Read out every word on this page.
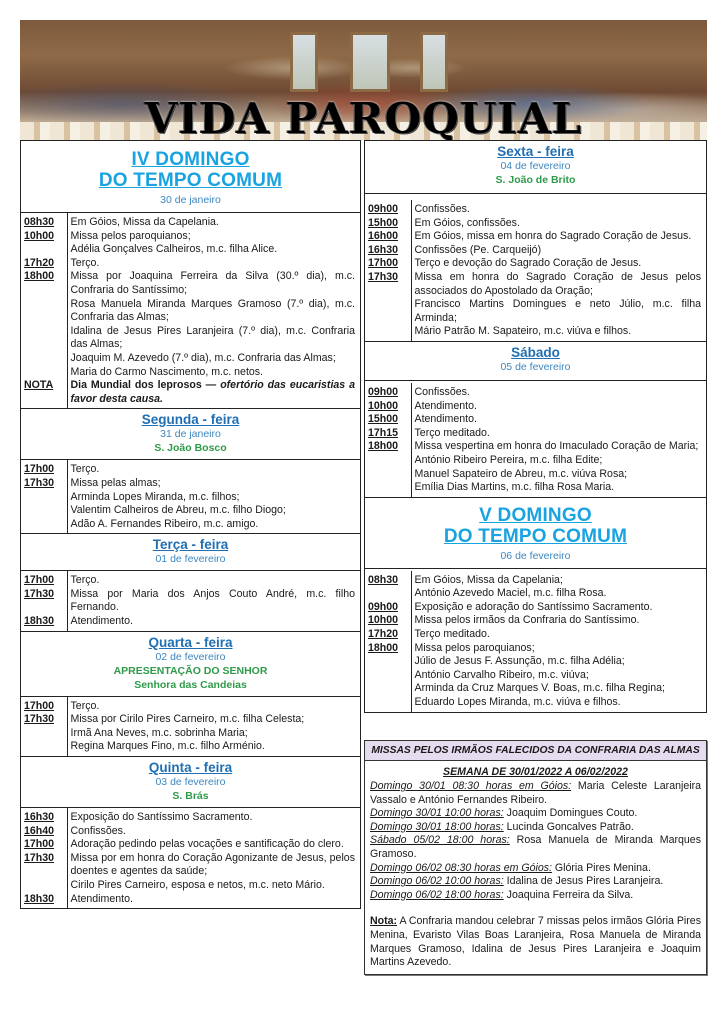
VIDA PAROQUIAL
IV DOMINGO
DO TEMPO COMUM
30 de janeiro
08h30	Em Góios, Missa da Capelania.
10h00	Missa pelos paroquianos;
	Adélia Gonçalves Calheiros, m.c. filha Alice.
17h20	Terço.
18h00	Missa por Joaquina Ferreira da Silva (30.º dia), m.c. Confraria do Santíssimo;
	Rosa Manuela Miranda Marques Gramoso (7.º dia), m.c. Confraria das Almas;
	Idalina de Jesus Pires Laranjeira (7.º dia), m.c. Confraria das Almas;
	Joaquim M. Azevedo (7.º dia), m.c. Confraria das Almas;
	Maria do Carmo Nascimento, m.c. netos.
NOTA	Dia Mundial dos leprosos — ofertório das eucaristias a favor desta causa.
Segunda - feira
31 de janeiro
S. João Bosco
17h00	Terço.
17h30	Missa pelas almas;
	Arminda Lopes Miranda, m.c. filhos;
	Valentim Calheiros de Abreu, m.c. filho Diogo;
	Adão A. Fernandes Ribeiro, m.c. amigo.
Terça - feira
01 de fevereiro
17h00	Terço.
17h30	Missa por Maria dos Anjos Couto André, m.c. filho Fernando.
18h30	Atendimento.
Quarta - feira
02 de fevereiro
APRESENTAÇÃO DO SENHOR
Senhora das Candeias
17h00	Terço.
17h30	Missa por Cirilo Pires Carneiro, m.c. filha Celesta;
	Irmã Ana Neves, m.c. sobrinha Maria;
	Regina Marques Fino, m.c. filho Arménio.
Quinta - feira
03 de fevereiro
S. Brás
16h30	Exposição do Santíssimo Sacramento.
16h40	Confissões.
17h00	Adoração pedindo pelas vocações e santificação do clero.
17h30	Missa por em honra do Coração Agonizante de Jesus, pelos doentes e agentes da saúde;
	Cirilo Pires Carneiro, esposa e netos, m.c. neto Mário.
18h30	Atendimento.
Sexta - feira
04 de fevereiro
S. João de Brito
09h00	Confissões.
15h00	Em Góios, confissões.
16h00	Em Góios, missa em honra do Sagrado Coração de Jesus.
16h30	Confissões (Pe. Carqueijó)
17h00	Terço e devoção do Sagrado Coração de Jesus.
17h30	Missa em honra do Sagrado Coração de Jesus pelos associados do Apostolado da Oração;
	Francisco Martins Domingues e neto Júlio, m.c. filha Arminda;
	Mário Patrão M. Sapateiro, m.c. viúva e filhos.
Sábado
05 de fevereiro
09h00	Confissões.
10h00	Atendimento.
15h00	Atendimento.
17h15	Terço meditado.
18h00	Missa vespertina em honra do Imaculado Coração de Maria;
	António Ribeiro Pereira, m.c. filha Edite;
	Manuel Sapateiro de Abreu, m.c. viúva Rosa;
	Emília Dias Martins, m.c. filha Rosa Maria.
V DOMINGO
DO TEMPO COMUM
06 de fevereiro
08h30	Em Góios, Missa da Capelania;
	António Azevedo Maciel, m.c. filha Rosa.
09h00	Exposição e adoração do Santíssimo Sacramento.
10h00	Missa pelos irmãos da Confraria do Santíssimo.
17h20	Terço meditado.
18h00	Missa pelos paroquianos;
	Júlio de Jesus F. Assunção, m.c. filha Adélia;
	António Carvalho Ribeiro, m.c. viúva;
	Arminda da Cruz Marques V. Boas, m.c. filha Regina;
	Eduardo Lopes Miranda, m.c. viúva e filhos.
MISSAS PELOS IRMÃOS FALECIDOS DA CONFRARIA DAS ALMAS
SEMANA DE 30/01/2022 A 06/02/2022
Domingo 30/01 08:30 horas em Góios: Maria Celeste Laranjeira Vassalo e António Fernandes Ribeiro.
Domingo 30/01 10:00 horas: Joaquim Domingues Couto.
Domingo 30/01 18:00 horas: Lucinda Goncalves Patrão.
Sábado 05/02 18:00 horas: Rosa Manuela de Miranda Marques Gramoso.
Domingo 06/02 08:30 horas em Góios: Glória Pires Menina.
Domingo 06/02 10:00 horas: Idalina de Jesus Pires Laranjeira.
Domingo 06/02 18:00 horas: Joaquina Ferreira da Silva.
Nota: A Confraria mandou celebrar 7 missas pelos irmãos Glória Pires Menina, Evaristo Vilas Boas Laranjeira, Rosa Manuela de Miranda Marques Gramoso, Idalina de Jesus Pires Laranjeira e Joaquim Martins Azevedo.
